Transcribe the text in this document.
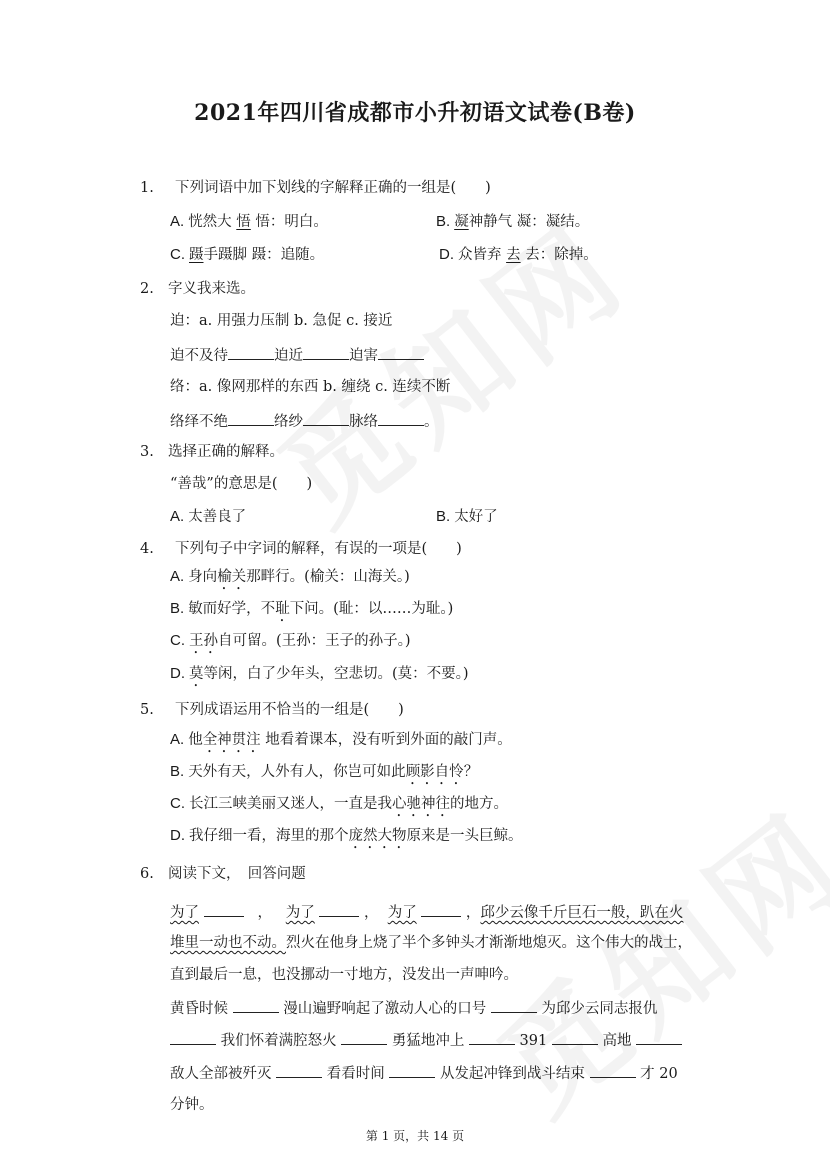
2021年四川省成都市小升初语文试卷(B卷)
1. 下列词语中加下划线的字解释正确的一组是(　　)
A. 恍然大 悟 悟：明白。	B. 凝神静气 凝：凝结。
C. 蹑手蹑脚 蹑：追随。	D. 众皆弃 去 去：除掉。
2. 字义我来选。
迫：a. 用强力压制 b. 急促 c. 接近
迫不及待	迫近	迫害
络：a. 像网那样的东西 b. 缠绕 c. 连续不断
络绎不绝	络纱	脉络	。
3. 选择正确的解释。
“善哉”的意思是(　　)
A. 太善良了	B. 太好了
4. 下列句子中字词的解释，有误的一项是(　　)
A. 身向榆关那畔行。(榆关：山海关。)
B. 敏而好学，不耻下问。(耻：以……为耻。)
C. 王孙自可留。(王孙：王子的孙子。)
D. 莫等闲，白了少年头，空悲切。(莫：不要。)
5. 下列成语运用不恰当的一组是(　　)
A. 他全神贯注 地看着课本，没有听到外面的敲门声。
B. 天外有天，人外有人，你岂可如此顾影自怜？
C. 长江三峡美丽又迷人，一直是我心驰神往的地方。
D. 我仔细一看，海里的那个庞然大物原来是一头巨鲸。
6. 阅读下文，　回答问题
为了	， 为了	， 为了	，邱少云像千斤巨石一般，趴在火
堆里一动也不动。烈火在他身上烧了半个多钟头才渐渐地熄灭。这个伟大的战士，
直到最后一息，也没挪动一寸地方，没发出一声呻吟。
黄昏时候	漫山遍野响起了激动人心的口号	为邱少云同志报仇
我们怀着满腔怒火	勇猛地冲上	391	高地
敌人全部被歼灭	看看时间	从发起冲锋到战斗结束	才 20
分钟。
第 1 页，共 14 页
